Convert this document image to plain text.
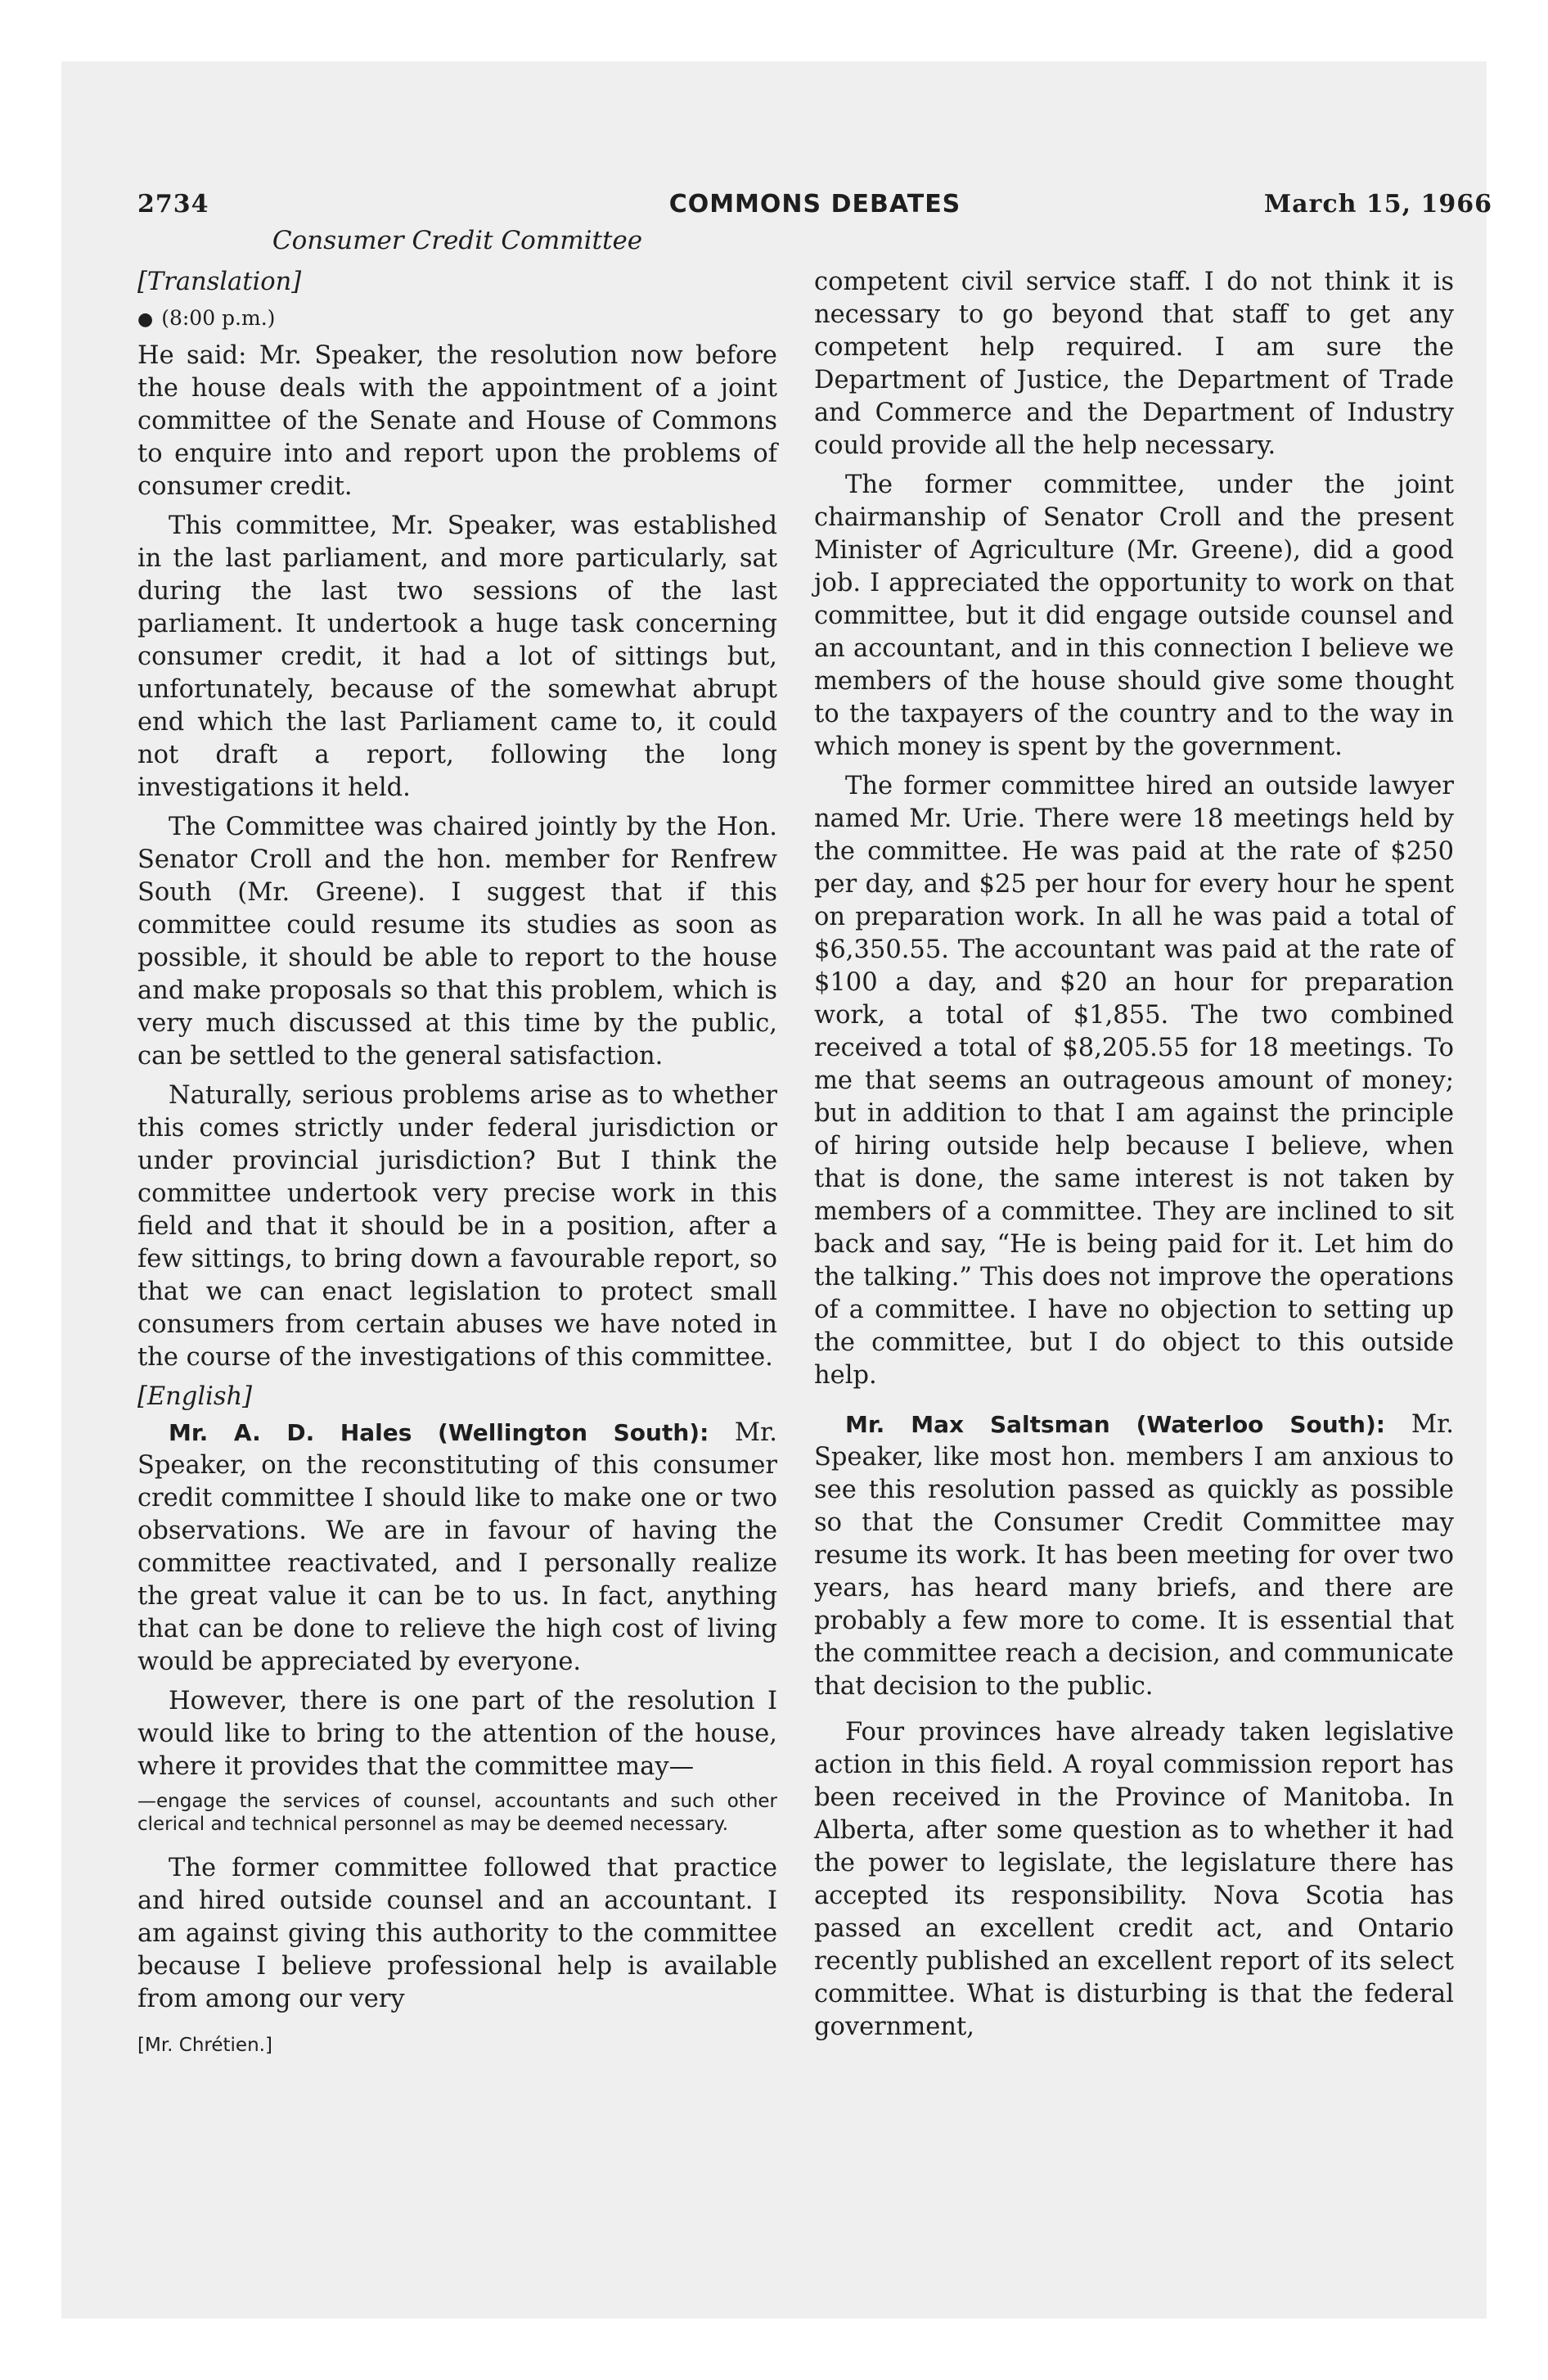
COMMONS DEBATES
2734	March 15, 1966
Consumer Credit Committee

[Translation]

● (8:00 p.m.)

He said: Mr. Speaker, the resolution now before the house deals with the appointment of a joint committee of the Senate and House of Commons to enquire into and report upon the problems of consumer credit.

This committee, Mr. Speaker, was established in the last parliament, and more particularly, sat during the last two sessions of the last parliament. It undertook a huge task concerning consumer credit, it had a lot of sittings but, unfortunately, because of the somewhat abrupt end which the last Parliament came to, it could not draft a report, following the long investigations it held.

The Committee was chaired jointly by the Hon. Senator Croll and the hon. member for Renfrew South (Mr. Greene). I suggest that if this committee could resume its studies as soon as possible, it should be able to report to the house and make proposals so that this problem, which is very much discussed at this time by the public, can be settled to the general satisfaction.

Naturally, serious problems arise as to whether this comes strictly under federal jurisdiction or under provincial jurisdiction? But I think the committee undertook very precise work in this field and that it should be in a position, after a few sittings, to bring down a favourable report, so that we can enact legislation to protect small consumers from certain abuses we have noted in the course of the investigations of this committee.

[English]

Mr. A. D. Hales (Wellington South): Mr. Speaker, on the reconstituting of this consumer credit committee I should like to make one or two observations. We are in favour of having the committee reactivated, and I personally realize the great value it can be to us. In fact, anything that can be done to relieve the high cost of living would be appreciated by everyone.

However, there is one part of the resolution I would like to bring to the attention of the house, where it provides that the committee may—

—engage the services of counsel, accountants and such other clerical and technical personnel as may be deemed necessary.

The former committee followed that practice and hired outside counsel and an accountant. I am against giving this authority to the committee because I believe professional help is available from among our very

[Mr. Chrétien.]

competent civil service staff. I do not think it is necessary to go beyond that staff to get any competent help required. I am sure the Department of Justice, the Department of Trade and Commerce and the Department of Industry could provide all the help necessary.

The former committee, under the joint chairmanship of Senator Croll and the present Minister of Agriculture (Mr. Greene), did a good job. I appreciated the opportunity to work on that committee, but it did engage outside counsel and an accountant, and in this connection I believe we members of the house should give some thought to the taxpayers of the country and to the way in which money is spent by the government.

The former committee hired an outside lawyer named Mr. Urie. There were 18 meetings held by the committee. He was paid at the rate of $250 per day, and $25 per hour for every hour he spent on preparation work. In all he was paid a total of $6,350.55. The accountant was paid at the rate of $100 a day, and $20 an hour for preparation work, a total of $1,855. The two combined received a total of $8,205.55 for 18 meetings. To me that seems an outrageous amount of money; but in addition to that I am against the principle of hiring outside help because I believe, when that is done, the same interest is not taken by members of a committee. They are inclined to sit back and say, “He is being paid for it. Let him do the talking.” This does not improve the operations of a committee. I have no objection to setting up the committee, but I do object to this outside help.

Mr. Max Saltsman (Waterloo South): Mr. Speaker, like most hon. members I am anxious to see this resolution passed as quickly as possible so that the Consumer Credit Committee may resume its work. It has been meeting for over two years, has heard many briefs, and there are probably a few more to come. It is essential that the committee reach a decision, and communicate that decision to the public.

Four provinces have already taken legislative action in this field. A royal commission report has been received in the Province of Manitoba. In Alberta, after some question as to whether it had the power to legislate, the legislature there has accepted its responsibility. Nova Scotia has passed an excellent credit act, and Ontario recently published an excellent report of its select committee. What is disturbing is that the federal government,
